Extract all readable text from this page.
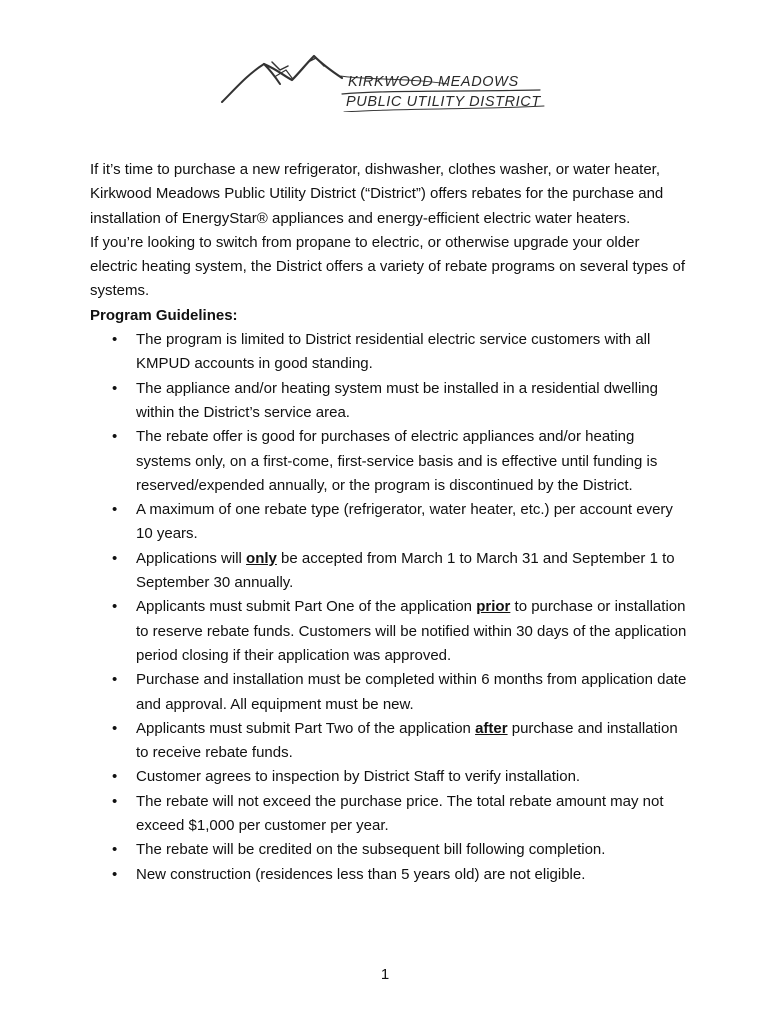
KIRKWOOD MEADOWS
PUBLIC UTILITY DISTRICT

If it’s time to purchase a new refrigerator, dishwasher, clothes washer, or water heater, Kirkwood Meadows Public Utility District (“District”) offers rebates for the purchase and installation of EnergyStar® appliances and energy-efficient electric water heaters.

If you’re looking to switch from propane to electric, or otherwise upgrade your older electric heating system, the District offers a variety of rebate programs on several types of systems.

Program Guidelines:

• The program is limited to District residential electric service customers with all KMPUD accounts in good standing.
• The appliance and/or heating system must be installed in a residential dwelling within the District’s service area.
• The rebate offer is good for purchases of electric appliances and/or heating systems only, on a first-come, first-service basis and is effective until funding is reserved/expended annually, or the program is discontinued by the District.
• A maximum of one rebate type (refrigerator, water heater, etc.) per account every 10 years.
• Applications will only be accepted from March 1 to March 31 and September 1 to September 30 annually.
• Applicants must submit Part One of the application prior to purchase or installation to reserve rebate funds. Customers will be notified within 30 days of the application period closing if their application was approved.
• Purchase and installation must be completed within 6 months from application date and approval. All equipment must be new.
• Applicants must submit Part Two of the application after purchase and installation to receive rebate funds.
• Customer agrees to inspection by District Staff to verify installation.
• The rebate will not exceed the purchase price. The total rebate amount may not exceed $1,000 per customer per year.
• The rebate will be credited on the subsequent bill following completion.
• New construction (residences less than 5 years old) are not eligible.
1
